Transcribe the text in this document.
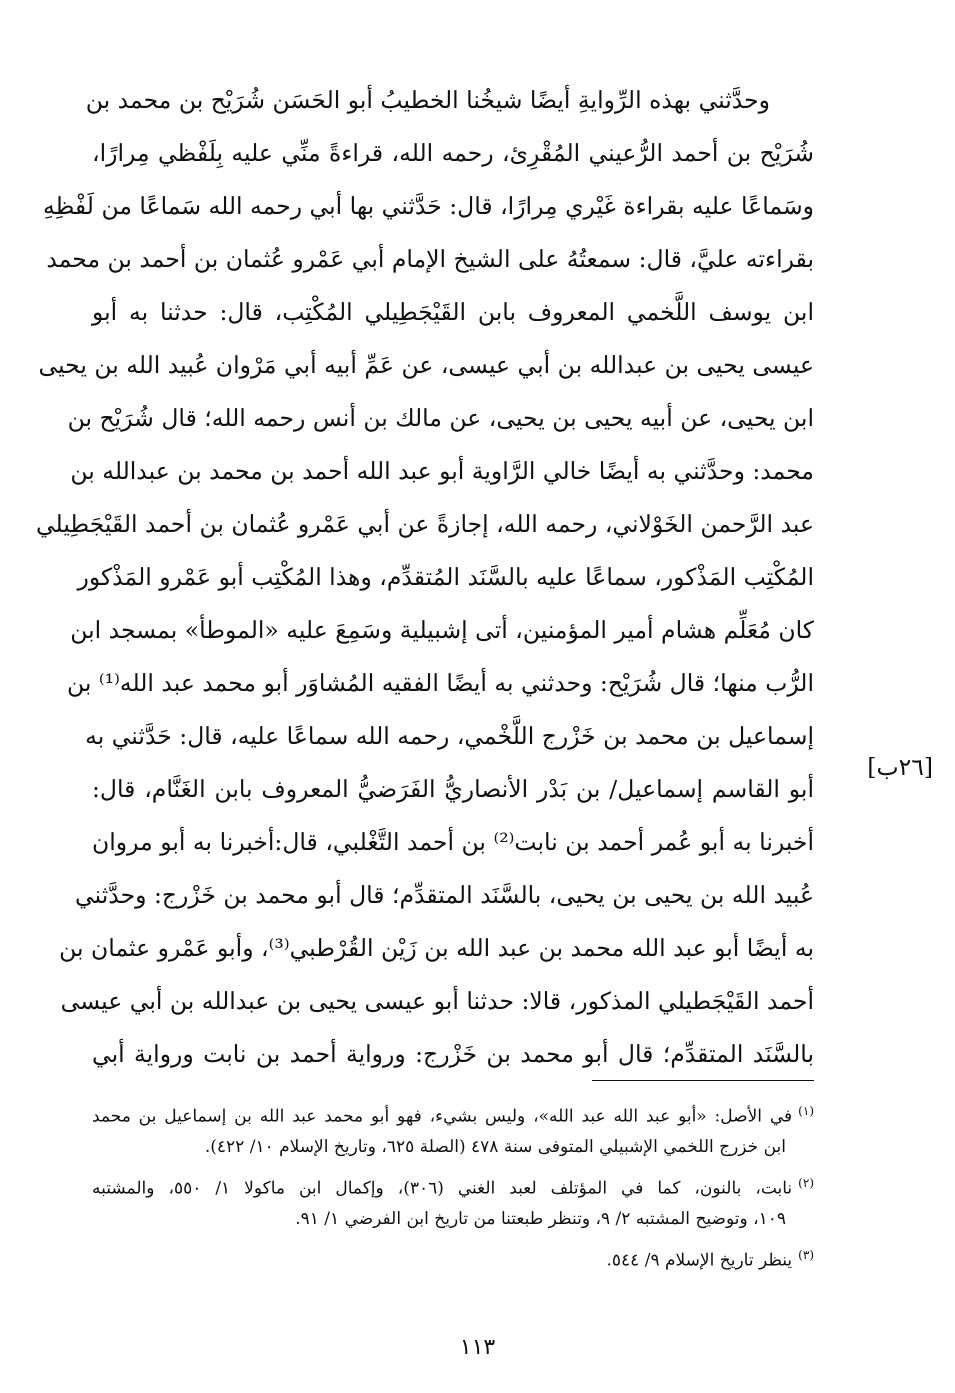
وحدَّثني بهذه الرِّوايةِ أيضًا شيخُنا الخطيبُ أبو الحَسَن شُرَيْح بن محمد بن
شُرَيْح بن أحمد الرُّعيني المُقْرِئ، رحمه الله، قراءةً منِّي عليه بِلَفْظي مِرارًا،
وسَماعًا عليه بقراءة غَيْري مِرارًا، قال: حَدَّثني بها أبي رحمه الله سَماعًا من لَفْظِهِ
بقراءته عليَّ، قال: سمعتُهُ على الشيخ الإمام أبي عَمْرو عُثمان بن أحمد بن محمد
ابن يوسف اللَّخمي المعروف بابن القَيْجَطِيلي المُكْتِب، قال: حدثنا به أبو
عيسى يحيى بن عبدالله بن أبي عيسى، عن عَمِّ أبيه أبي مَرْوان عُبيد الله بن يحيى
ابن يحيى، عن أبيه يحيى بن يحيى، عن مالك بن أنس رحمه الله؛ قال شُرَيْح بن
محمد: وحدَّثني به أيضًا خالي الرَّاوية أبو عبد الله أحمد بن محمد بن عبدالله بن
عبد الرَّحمن الخَوْلاني، رحمه الله، إجازةً عن أبي عَمْرو عُثمان بن أحمد القَيْجَطِيلي
المُكْتِب المَذْكور، سماعًا عليه بالسَّنَد المُتقدِّم، وهذا المُكْتِب أبو عَمْرو المَذْكور
كان مُعَلِّم هشام أمير المؤمنين، أتى إشبيلية وسَمِعَ عليه «الموطأ» بمسجد ابن
الرُّب منها؛ قال شُرَيْح: وحدثني به أيضًا الفقيه المُشاوَر أبو محمد عبد الله⁽¹⁾ بن
إسماعيل بن محمد بن خَزْرج اللَّخْمي، رحمه الله سماعًا عليه، قال: حَدَّثني به
أبو القاسم إسماعيل/ بن بَدْر الأنصاريُّ الفَرَضيُّ المعروف بابن الغَنَّام، قال:
أخبرنا به أبو عُمر أحمد بن نابت⁽²⁾ بن أحمد التَّغْلبي، قال:أخبرنا به أبو مروان
عُبيد الله بن يحيى بن يحيى، بالسَّنَد المتقدِّم؛ قال أبو محمد بن خَزْرج: وحدَّثني
به أيضًا أبو عبد الله محمد بن عبد الله بن زَيْن القُرْطبي⁽³⁾، وأبو عَمْرو عثمان بن
أحمد القَيْجَطيلي المذكور، قالا: حدثنا أبو عيسى يحيى بن عبدالله بن أبي عيسى
بالسَّنَد المتقدِّم؛ قال أبو محمد بن خَزْرج: ورواية أحمد بن نابت ورواية أبي
[٢٦ب]
$^{(١)}$في الأصل: «أبو عبد الله عبد الله»، وليس بشيء، فهو أبو محمد عبد الله بن إسماعيل بن محمد
ابن خزرج اللخمي الإشبيلي المتوفى سنة ٤٧٨ (الصلة ٦٢٥، وتاريخ الإسلام ١٠/ ٤٢٢).
$^{(٢)}$نابت، بالنون، كما في المؤتلف لعبد الغني (٣٠٦)، وإكمال ابن ماكولا ١/ ٥٥٠، والمشتبه
١٠٩، وتوضيح المشتبه ٢/ ٩، وتنظر طبعتنا من تاريخ ابن الفرضي ١/ ٩١.
$^{(٣)}$ينظر تاريخ الإسلام ٩/ ٥٤٤.
١١٣
